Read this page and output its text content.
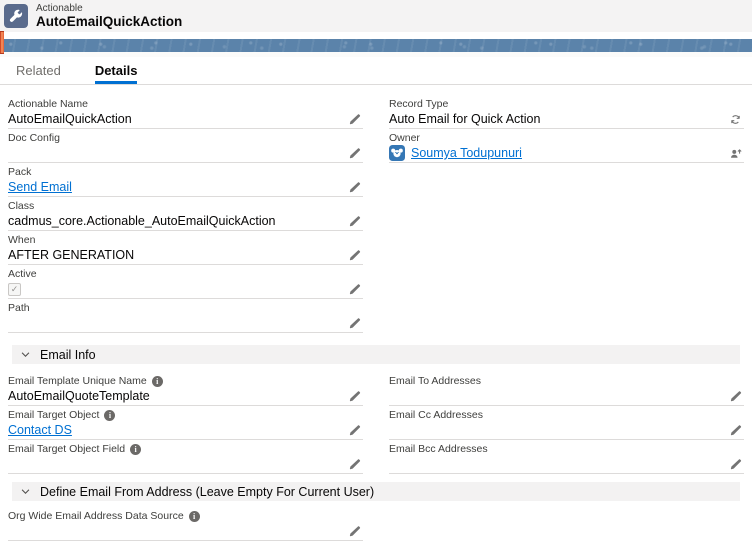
Actionable
AutoEmailQuickAction
Related	Details
Actionable Name
AutoEmailQuickAction
Doc Config
Pack
Send Email
Class
cadmus_core.Actionable_AutoEmailQuickAction
When
AFTER GENERATION
Active
✓
Path
Record Type
Auto Email for Quick Action
Owner
Soumya Todupunuri
Email Info
Email Template Unique Name
i
AutoEmailQuoteTemplate
Email Target Object
i
Contact DS
Email Target Object Field
i
Email To Addresses
Email Cc Addresses
Email Bcc Addresses
Define Email From Address (Leave Empty For Current User)
Org Wide Email Address Data Source
i
